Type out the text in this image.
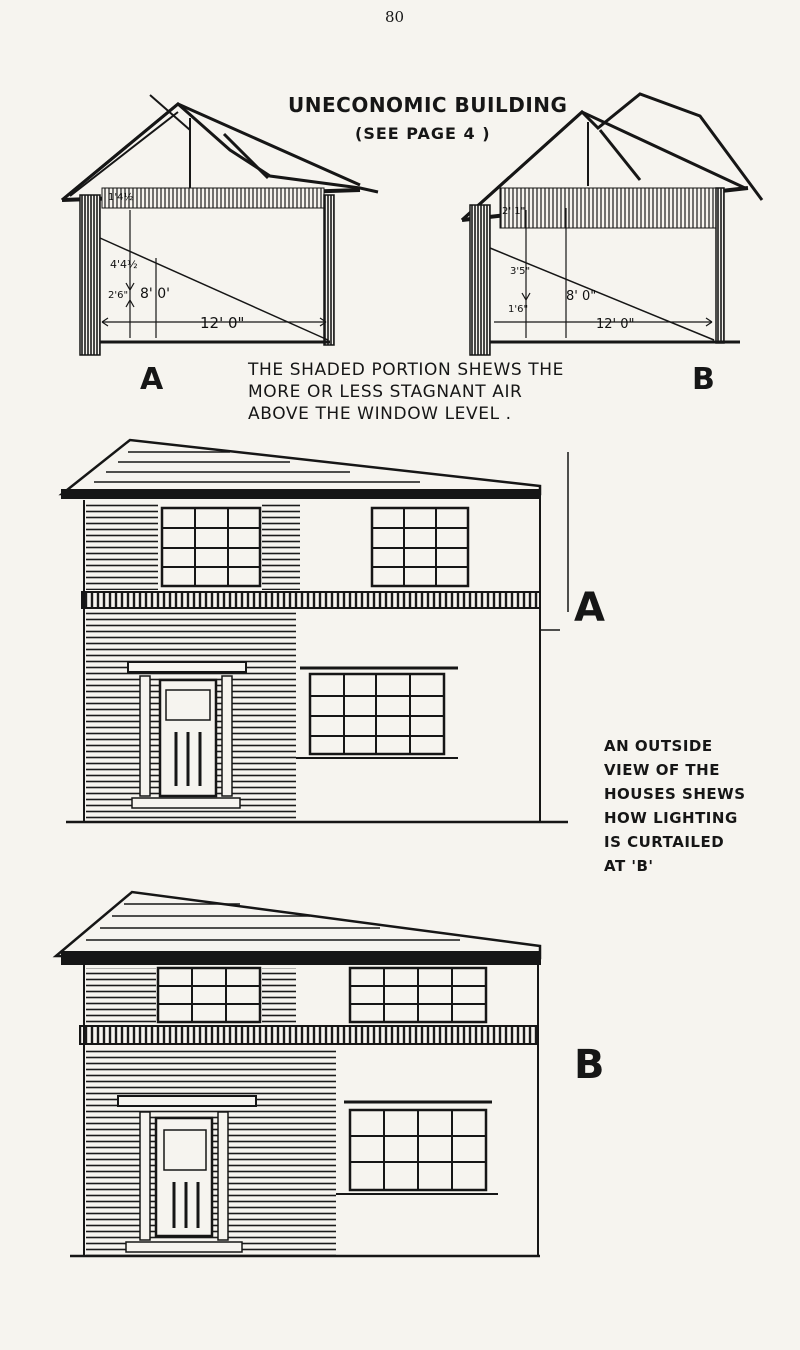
1'4½
4'4½
2'6" 8' 0'
12' 0"
2' 1"
3'5"
1'6"
8' 0"
12' 0"

80

UNECONOMIC BUILDING

(SEE PAGE 4 )

THE SHADED PORTION SHEWS THE

MORE OR LESS STAGNANT AIR

ABOVE THE WINDOW LEVEL .

A	B

A

B

AN OUTSIDE

VIEW OF THE

HOUSES SHEWS

HOW LIGHTING

IS CURTAILED

AT 'B'
